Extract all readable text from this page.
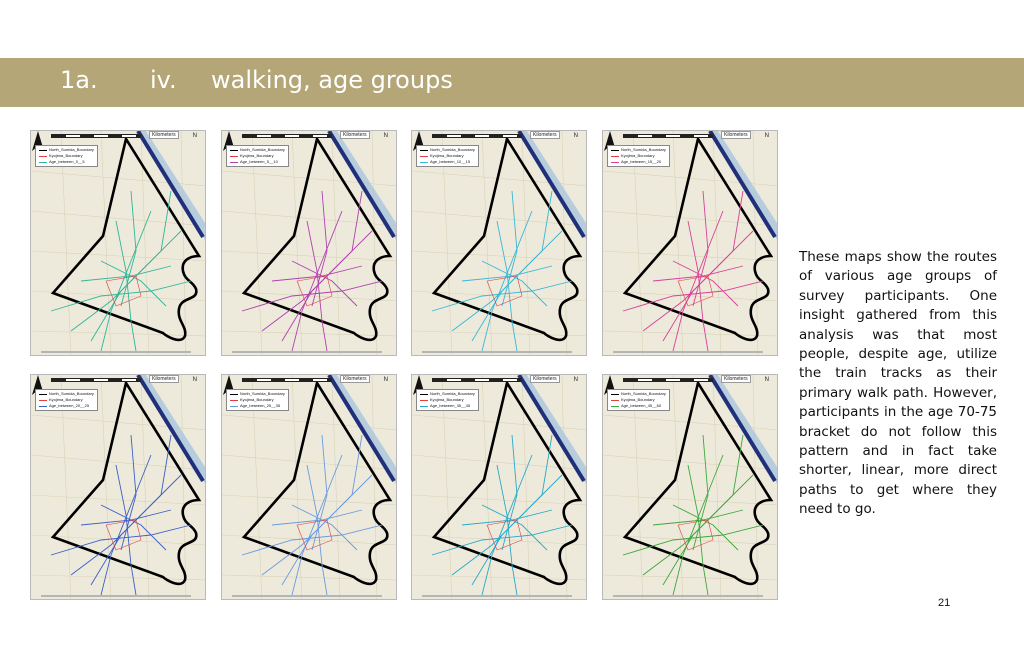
1a. iv. walking, age groups
Kilometers	N
North_Sumida_Boundary
Kyojima_Boundary
Age_between_0__5
Kilometers	N
North_Sumida_Boundary
Kyojima_Boundary
Age_between_5__10
Kilometers	N
North_Sumida_Boundary
Kyojima_Boundary
Age_between_10__15
Kilometers	N
North_Sumida_Boundary
Kyojima_Boundary
Age_between_15__20
Kilometers	N
North_Sumida_Boundary
Kyojima_Boundary
Age_between_20__25
Kilometers	N
North_Sumida_Boundary
Kyojima_Boundary
Age_between_25__35
Kilometers	N
North_Sumida_Boundary
Kyojima_Boundary
Age_between_35__45
Kilometers	N
North_Sumida_Boundary
Kyojima_Boundary
Age_between_45__60
These maps show the routes of various age groups of survey participants. One insight gathered from this analysis was that most people, despite age, utilize the train tracks as their primary walk path. However, participants in the age 70-75 bracket do not follow this pattern and in fact take shorter, linear, more direct paths to get where they need to go.
21
